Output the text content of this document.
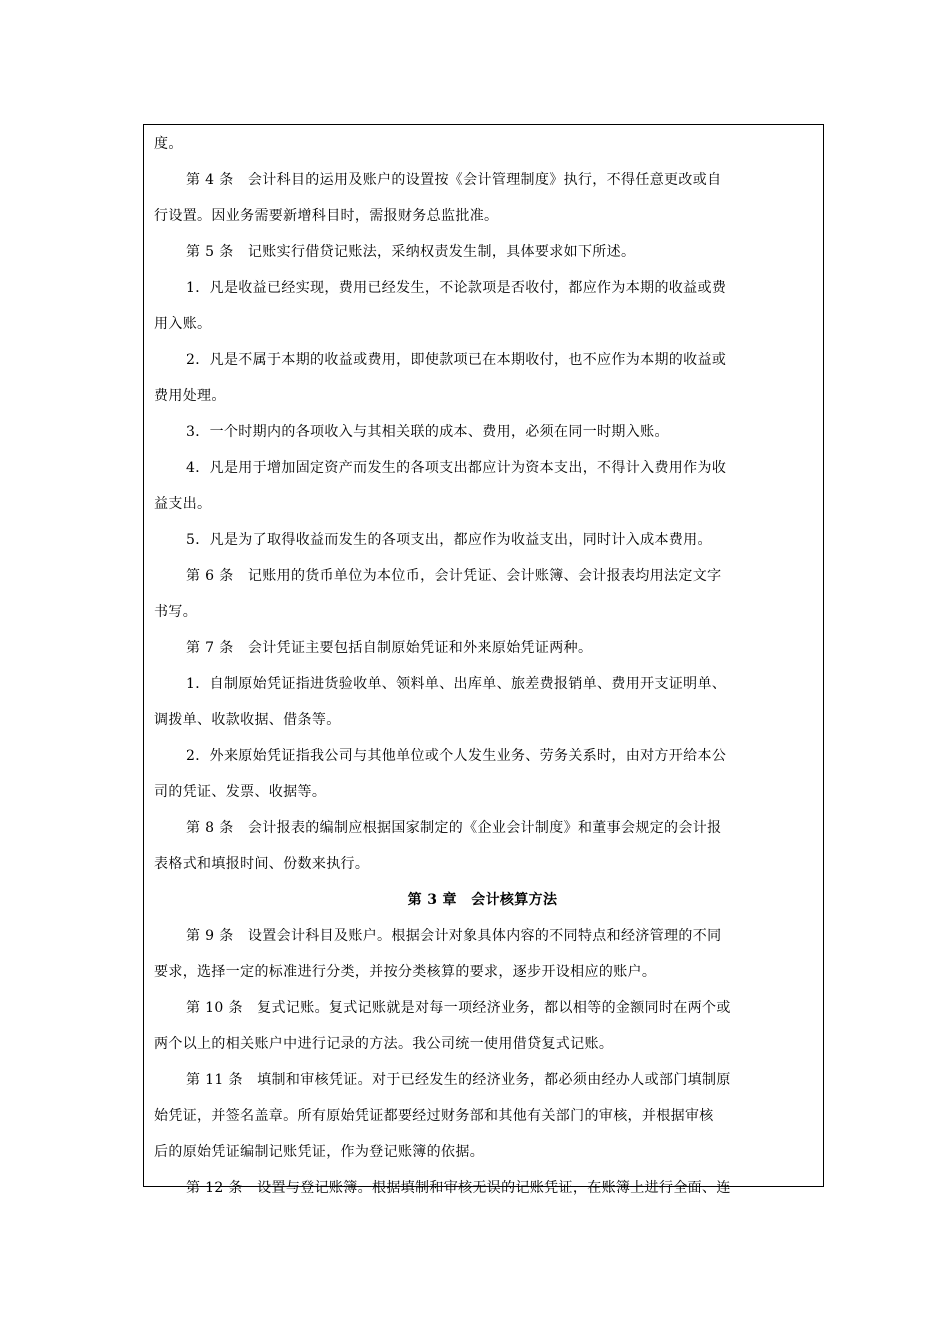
度。
第 4 条　会计科目的运用及账户的设置按《会计管理制度》执行，不得任意更改或自
行设置。因业务需要新增科目时，需报财务总监批准。
第 5 条　记账实行借贷记账法，采纳权责发生制，具体要求如下所述。
1．凡是收益已经实现，费用已经发生，不论款项是否收付，都应作为本期的收益或费
用入账。
2．凡是不属于本期的收益或费用，即使款项已在本期收付，也不应作为本期的收益或
费用处理。
3．一个时期内的各项收入与其相关联的成本、费用，必须在同一时期入账。
4．凡是用于增加固定资产而发生的各项支出都应计为资本支出，不得计入费用作为收
益支出。
5．凡是为了取得收益而发生的各项支出，都应作为收益支出，同时计入成本费用。
第 6 条　记账用的货币单位为本位币，会计凭证、会计账簿、会计报表均用法定文字
书写。
第 7 条　会计凭证主要包括自制原始凭证和外来原始凭证两种。
1．自制原始凭证指进货验收单、领料单、出库单、旅差费报销单、费用开支证明单、
调拨单、收款收据、借条等。
2．外来原始凭证指我公司与其他单位或个人发生业务、劳务关系时，由对方开给本公
司的凭证、发票、收据等。
第 8 条　会计报表的编制应根据国家制定的《企业会计制度》和董事会规定的会计报
表格式和填报时间、份数来执行。
第 3 章　会计核算方法
第 9 条　设置会计科目及账户。根据会计对象具体内容的不同特点和经济管理的不同
要求，选择一定的标准进行分类，并按分类核算的要求，逐步开设相应的账户。
第 10 条　复式记账。复式记账就是对每一项经济业务，都以相等的金额同时在两个或
两个以上的相关账户中进行记录的方法。我公司统一使用借贷复式记账。
第 11 条　填制和审核凭证。对于已经发生的经济业务，都必须由经办人或部门填制原
始凭证，并签名盖章。所有原始凭证都要经过财务部和其他有关部门的审核，并根据审核
后的原始凭证编制记账凭证，作为登记账簿的依据。
第 12 条　设置与登记账簿。根据填制和审核无误的记账凭证，在账簿上进行全面、连
